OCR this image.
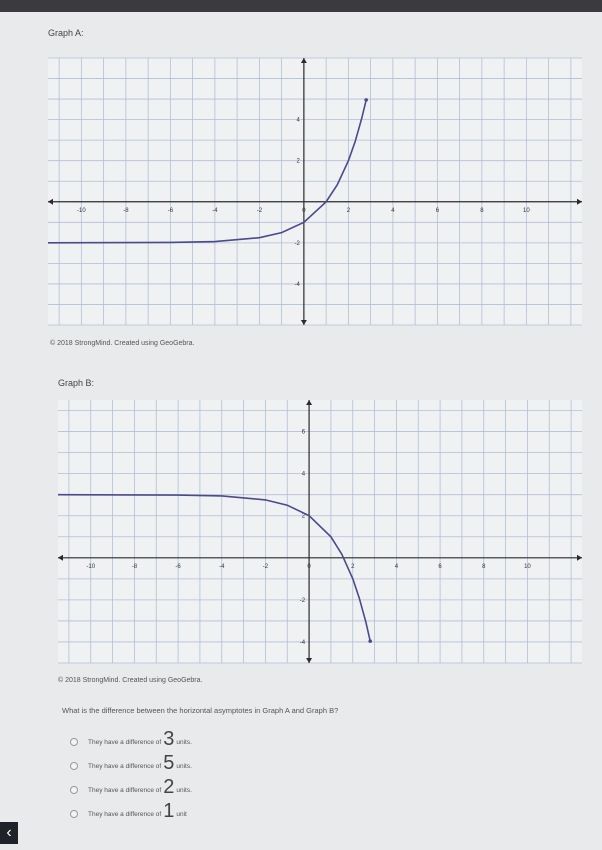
Graph A:
-10	-8	-6	-4	-2	0	2	4	6	8	10
-4
-2
2
4
© 2018 StrongMind. Created using GeoGebra.
Graph B:
-10	-8	-6	-4	-2	0	2	4	6	8	10
-4
-2
2
4
6
© 2018 StrongMind. Created using GeoGebra.
What is the difference between the horizontal asymptotes in Graph A and Graph B?
They have a difference of 3 units.
They have a difference of 5 units.
They have a difference of 2 units.
They have a difference of 1 unit
‹
